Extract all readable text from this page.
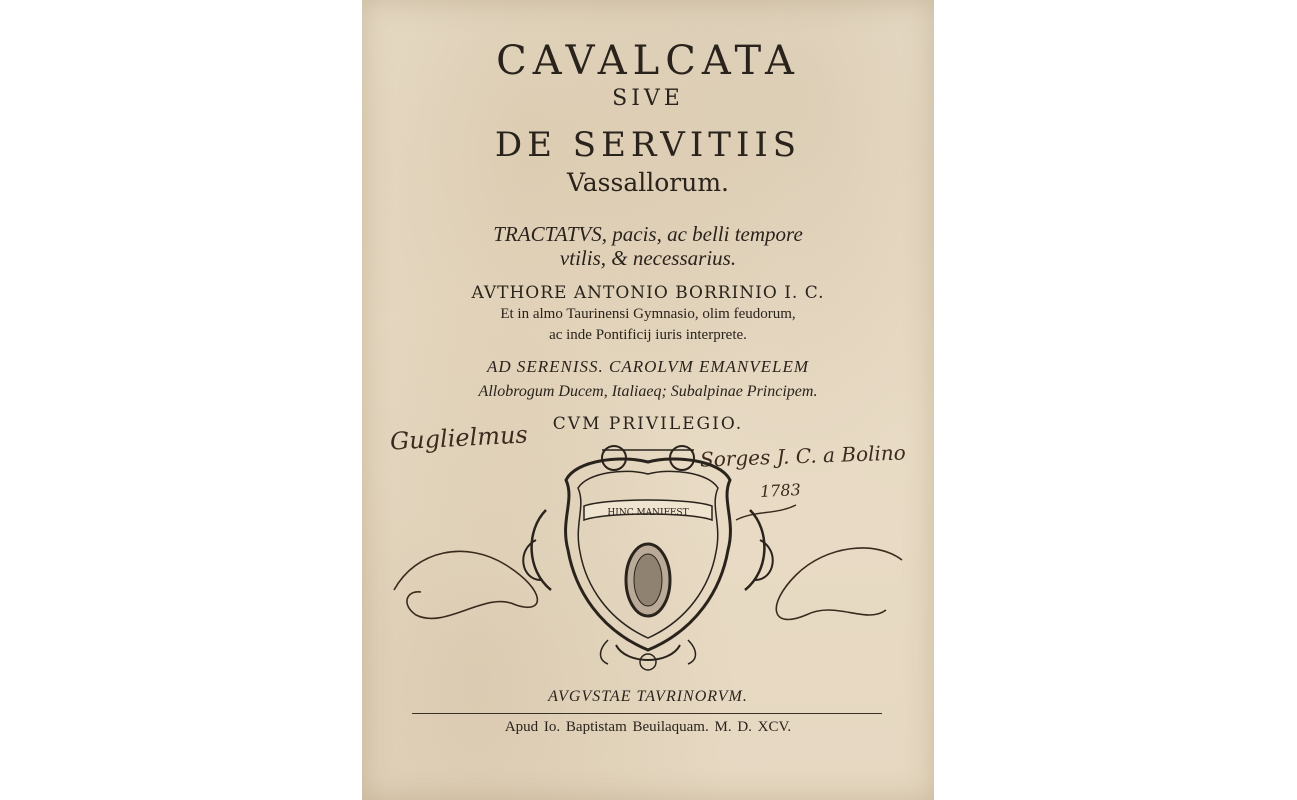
CAVALCATA
SIVE
DE SERVITIIS
Vassallorum.
TRACTATVS, pacis, ac belli tempore
vtilis, & necessarius.
AVTHORE ANTONIO BORRINIO I. C.
Et in almo Taurinensi Gymnasio, olim feudorum,
ac inde Pontificij iuris interprete.
AD SERENISS. CAROLVM EMANVELEM
Allobrogum Ducem, Italiaeq; Subalpinae Principem.
CVM PRIVILEGIO.
Guglielmus
Sorges J. C. a Bolino
1783
HINC MANIFEST
AVGVSTAE TAVRINORVM.
Apud Io. Baptistam Beuilaquam. M. D. XCV.
